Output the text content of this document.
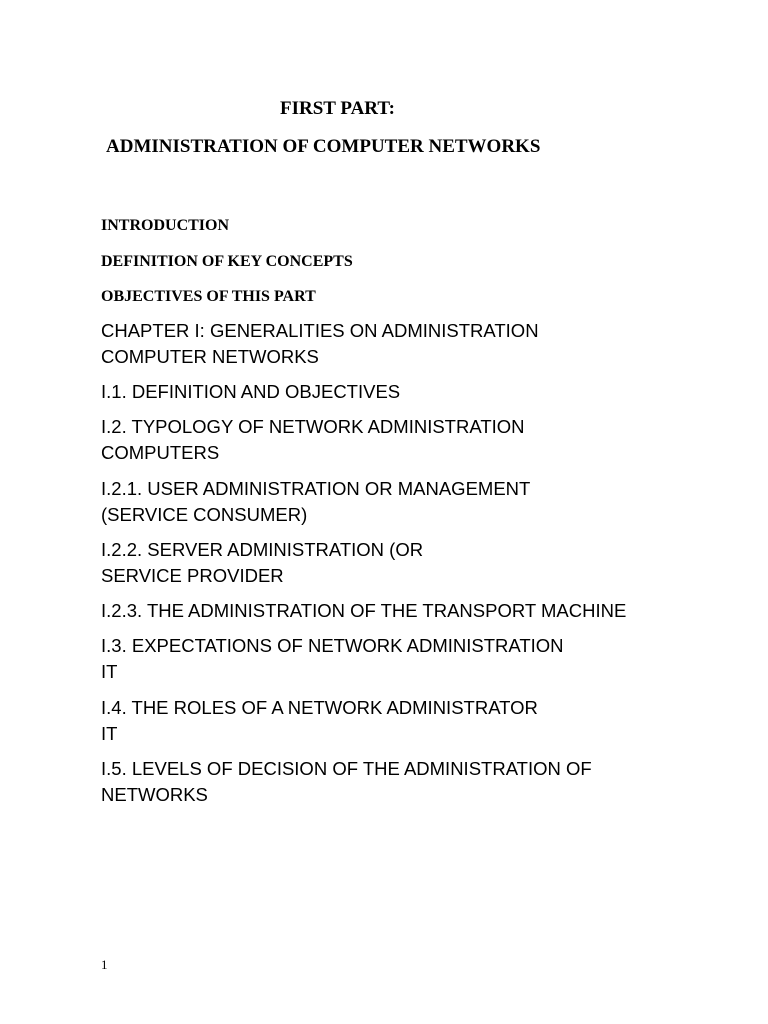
FIRST PART:
ADMINISTRATION OF COMPUTER NETWORKS
INTRODUCTION
DEFINITION OF KEY CONCEPTS
OBJECTIVES OF THIS PART
CHAPTER I: GENERALITIES ON ADMINISTRATION
COMPUTER NETWORKS
I.1. DEFINITION AND OBJECTIVES
I.2. TYPOLOGY OF NETWORK ADMINISTRATION
COMPUTERS
I.2.1. USER ADMINISTRATION OR MANAGEMENT
(SERVICE CONSUMER)
I.2.2. SERVER ADMINISTRATION (OR
SERVICE PROVIDER
I.2.3. THE ADMINISTRATION OF THE TRANSPORT MACHINE
I.3. EXPECTATIONS OF NETWORK ADMINISTRATION
IT
I.4. THE ROLES OF A NETWORK ADMINISTRATOR
IT
I.5. LEVELS OF DECISION OF THE ADMINISTRATION OF
NETWORKS
1
